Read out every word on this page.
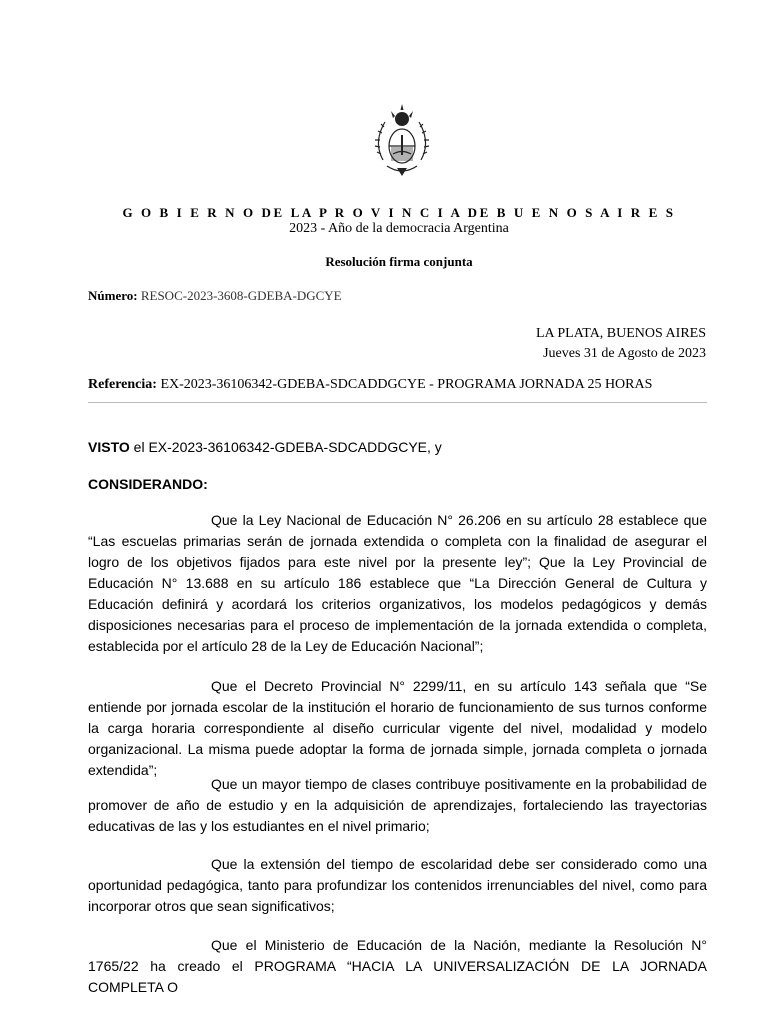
G O B I E R N O DE LA P R O V I N C I A DE B U E N O S A I R E S
2023 - Año de la democracia Argentina
Resolución firma conjunta
Número: RESOC-2023-3608-GDEBA-DGCYE
LA PLATA, BUENOS AIRES
Jueves 31 de Agosto de 2023
Referencia: EX-2023-36106342-GDEBA-SDCADDGCYE - PROGRAMA JORNADA 25 HORAS
VISTO el EX-2023-36106342-GDEBA-SDCADDGCYE, y
CONSIDERANDO:
Que la Ley Nacional de Educación N° 26.206 en su artículo 28 establece que “Las escuelas primarias serán de jornada extendida o completa con la finalidad de asegurar el logro de los objetivos fijados para este nivel por la presente ley”; Que la Ley Provincial de Educación N° 13.688 en su artículo 186 establece que “La Dirección General de Cultura y Educación definirá y acordará los criterios organizativos, los modelos pedagógicos y demás disposiciones necesarias para el proceso de implementación de la jornada extendida o completa, establecida por el artículo 28 de la Ley de Educación Nacional”;
Que el Decreto Provincial N° 2299/11, en su artículo 143 señala que “Se entiende por jornada escolar de la institución el horario de funcionamiento de sus turnos conforme la carga horaria correspondiente al diseño curricular vigente del nivel, modalidad y modelo organizacional. La misma puede adoptar la forma de jornada simple, jornada completa o jornada extendida”;
Que un mayor tiempo de clases contribuye positivamente en la probabilidad de promover de año de estudio y en la adquisición de aprendizajes, fortaleciendo las trayectorias educativas de las y los estudiantes en el nivel primario;
Que la extensión del tiempo de escolaridad debe ser considerado como una oportunidad pedagógica, tanto para profundizar los contenidos irrenunciables del nivel, como para incorporar otros que sean significativos;
Que el Ministerio de Educación de la Nación, mediante la Resolución N° 1765/22 ha creado el PROGRAMA “HACIA LA UNIVERSALIZACIÓN DE LA JORNADA COMPLETA O
